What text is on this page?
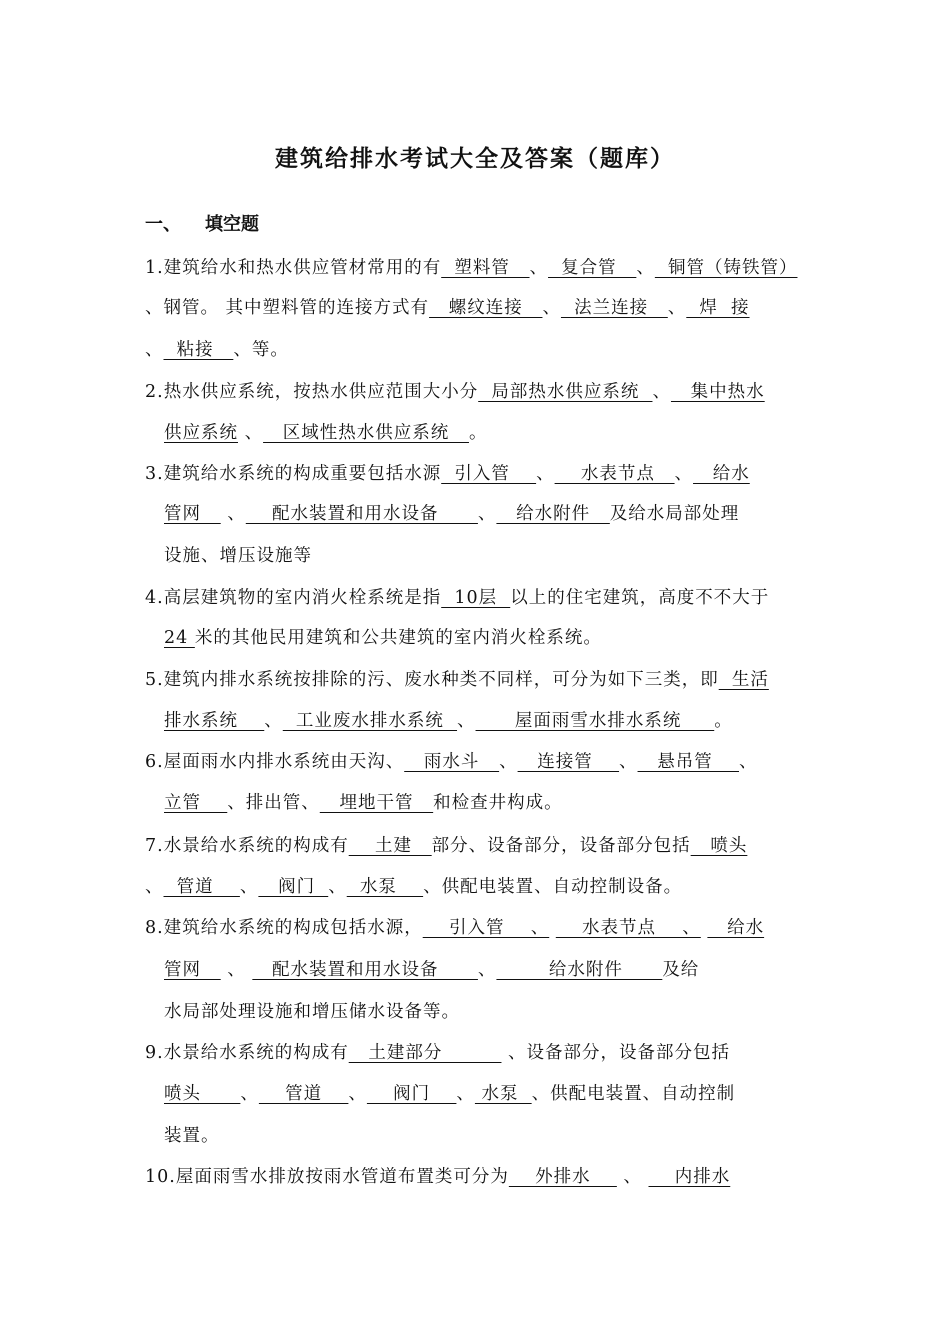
建筑给排水考试大全及答案（题库）
一、 填空题
1.建筑给水和热水供应管材常用的有  塑料管   、  复合管   、  铜管（铸铁管）
、钢管。 其中塑料管的连接方式有   螺纹连接   、  法兰连接   、  焊  接
、  粘接   、等。
2.热水供应系统，按热水供应范围大小分  局部热水供应系统  、   集中热水
供应系统 、   区域性热水供应系统   。
3.建筑给水系统的构成重要包括水源  引入管    、    水表节点   、   给水
管网    、    配水装置和用水设备      、   给水附件   及给水局部处理
设施、增压设施等
4.高层建筑物的室内消火栓系统是指  10层  以上的住宅建筑，高度不不大于
24 米的其他民用建筑和公共建筑的室内消火栓系统。
5.建筑内排水系统按排除的污、废水种类不同样，可分为如下三类，即  生活
排水系统    、  工业废水排水系统  、      屋面雨雪水排水系统     。
6.屋面雨水内排水系统由天沟、   雨水斗   、   连接管    、   悬吊管    、
立管    、排出管、   埋地干管   和检查井构成。
7.水景给水系统的构成有    土建   部分、设备部分，设备部分包括   喷头
、  管道    、   阀门  、  水泵    、供配电装置、自动控制设备。
8.建筑给水系统的构成包括水源，    引入管    、     水表节点    、    给水
管网    、    配水装置和用水设备      、        给水附件      及给
水局部处理设施和增压储水设备等。
9.水景给水系统的构成有   土建部分          、设备部分，设备部分包括
喷头      、    管道    、    阀门    、 水泵  、供配电装置、自动控制
装置。
10.屋面雨雪水排放按雨水管道布置类可分为    外排水     、     内排水
